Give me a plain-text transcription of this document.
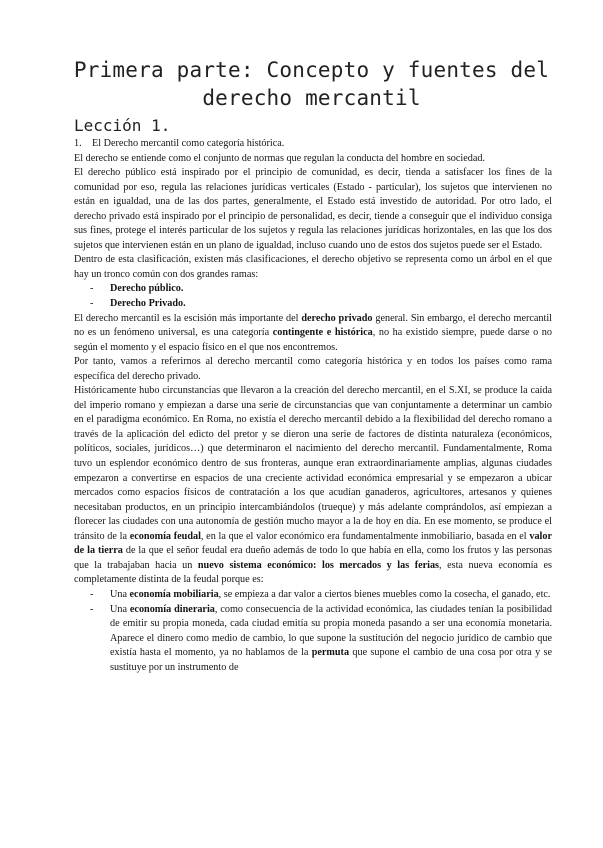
Primera parte: Concepto y fuentes del derecho mercantil
Lección 1.

1. El Derecho mercantil como categoría histórica.

El derecho se entiende como el conjunto de normas que regulan la conducta del hombre en sociedad.

El derecho público está inspirado por el principio de comunidad, es decir, tienda a satisfacer los fines de la comunidad por eso, regula las relaciones jurídicas verticales (Estado - particular), los sujetos que intervienen no están en igualdad, una de las dos partes, generalmente, el Estado está investido de autoridad. Por otro lado, el derecho privado está inspirado por el principio de personalidad, es decir, tiende a conseguir que el individuo consiga sus fines, protege el interés particular de los sujetos y regula las relaciones jurídicas horizontales, en las que los dos sujetos que intervienen están en un plano de igualdad, incluso cuando uno de estos dos sujetos puede ser el Estado.

Dentro de esta clasificación, existen más clasificaciones, el derecho objetivo se representa como un árbol en el que hay un tronco común con dos grandes ramas:

-	Derecho público.
-	Derecho Privado.

El derecho mercantil es la escisión más importante del derecho privado general. Sin embargo, el derecho mercantil no es un fenómeno universal, es una categoría contingente e histórica, no ha existido siempre, puede darse o no según el momento y el espacio físico en el que nos encontremos.

Por tanto, vamos a referirnos al derecho mercantil como categoría histórica y en todos los países como rama específica del derecho privado.

Históricamente hubo circunstancias que llevaron a la creación del derecho mercantil, en el S.XI, se produce la caída del imperio romano y empiezan a darse una serie de circunstancias que van conjuntamente a determinar un cambio en el paradigma económico. En Roma, no existía el derecho mercantil debido a la flexibilidad del derecho romano a través de la aplicación del edicto del pretor y se dieron una serie de factores de distinta naturaleza (económicos, políticos, sociales, jurídicos…) que determinaron el nacimiento del derecho mercantil. Fundamentalmente, Roma tuvo un esplendor económico dentro de sus fronteras, aunque eran extraordinariamente amplias, algunas ciudades empezaron a convertirse en espacios de una creciente actividad económica empresarial y se empezaron a ubicar mercados como espacios físicos de contratación a los que acudían ganaderos, agricultores, artesanos y quienes necesitaban productos, en un principio intercambiándolos (trueque) y más adelante comprándolos, así empiezan a florecer las ciudades con una autonomía de gestión mucho mayor a la de hoy en día. En ese momento, se produce el tránsito de la economía feudal, en la que el valor económico era fundamentalmente inmobiliario, basada en el valor de la tierra de la que el señor feudal era dueño además de todo lo que había en ella, como los frutos y las personas que la trabajaban hacia un nuevo sistema económico: los mercados y las ferias, esta nueva economía es completamente distinta de la feudal porque es:

-	Una economía mobiliaria, se empieza a dar valor a ciertos bienes muebles como la cosecha, el ganado, etc.
-	Una economía dineraria, como consecuencia de la actividad económica, las ciudades tenían la posibilidad de emitir su propia moneda, cada ciudad emitía su propia moneda pasando a ser una economía monetaria. Aparece el dinero como medio de cambio, lo que supone la sustitución del negocio jurídico de cambio que existía hasta el momento, ya no hablamos de la permuta que supone el cambio de una cosa por otra y se sustituye por un instrumento de
